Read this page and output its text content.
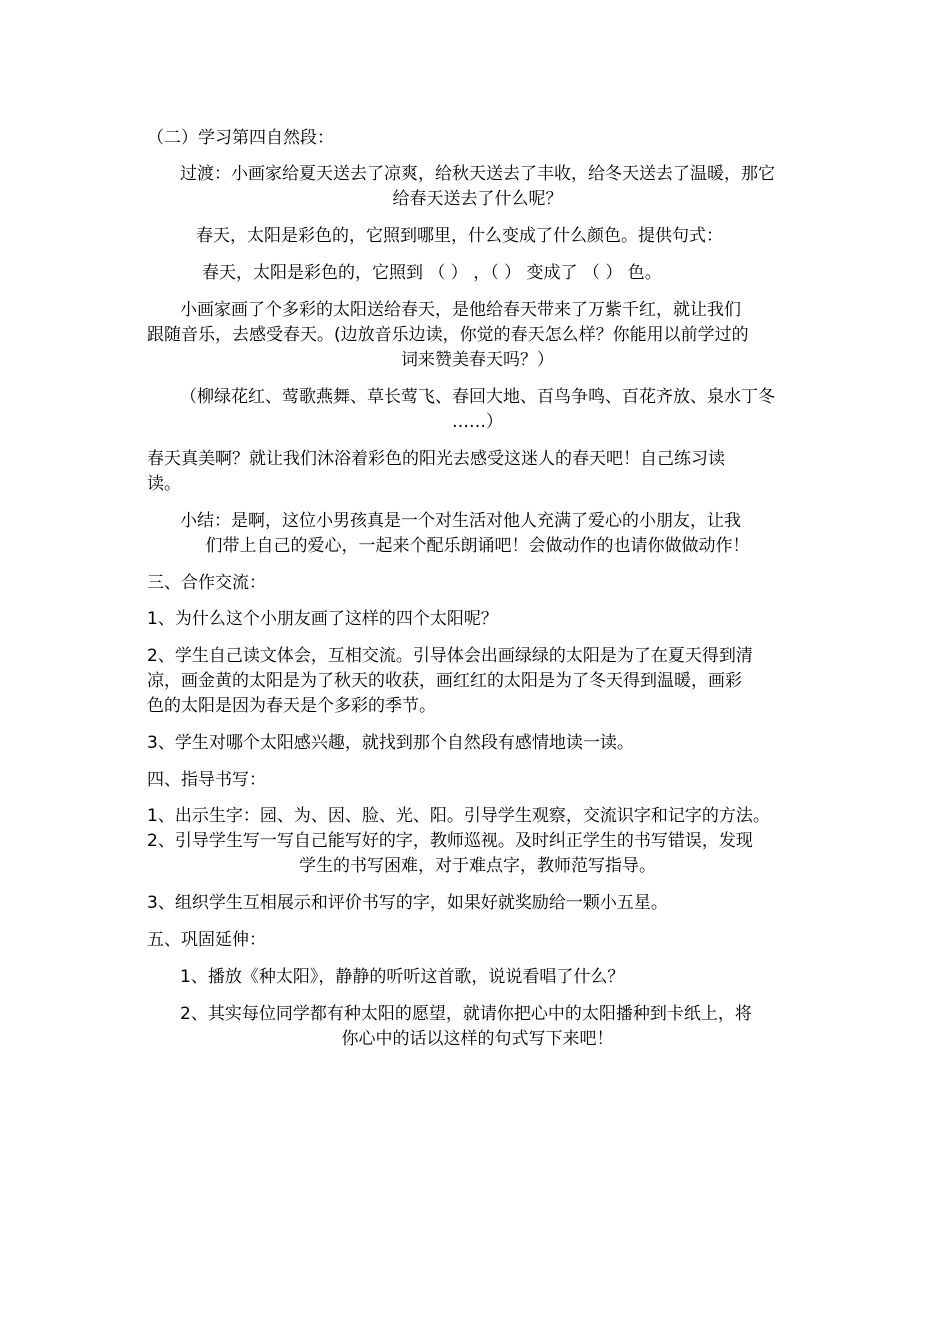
（二）学习第四自然段：

过渡：小画家给夏天送去了凉爽，给秋天送去了丰收，给冬天送去了温暖，那它

给春天送去了什么呢？

春天，太阳是彩色的，它照到哪里，什么变成了什么颜色。提供句式：

春天，太阳是彩色的，它照到 （ ） ，（ ） 变成了 （ ） 色。

小画家画了个多彩的太阳送给春天，是他给春天带来了万紫千红，就让我们

跟随音乐，去感受春天。(边放音乐边读，你觉的春天怎么样？你能用以前学过的

词来赞美春天吗？）

（柳绿花红、莺歌燕舞、草长莺飞、春回大地、百鸟争鸣、百花齐放、泉水丁冬

……）

春天真美啊？就让我们沐浴着彩色的阳光去感受这迷人的春天吧！自己练习读

读。

小结：是啊，这位小男孩真是一个对生活对他人充满了爱心的小朋友，让我

们带上自己的爱心，一起来个配乐朗诵吧！会做动作的也请你做做动作！

三、合作交流：

1、为什么这个小朋友画了这样的四个太阳呢？

2、学生自己读文体会，互相交流。引导体会出画绿绿的太阳是为了在夏天得到清

凉，画金黄的太阳是为了秋天的收获，画红红的太阳是为了冬天得到温暖，画彩

色的太阳是因为春天是个多彩的季节。

3、学生对哪个太阳感兴趣，就找到那个自然段有感情地读一读。

四、指导书写：

1、出示生字：园、为、因、脸、光、阳。引导学生观察，交流识字和记字的方法。

2、引导学生写一写自己能写好的字，教师巡视。及时纠正学生的书写错误，发现

学生的书写困难，对于难点字，教师范写指导。

3、组织学生互相展示和评价书写的字，如果好就奖励给一颗小五星。

五、巩固延伸：

1、播放《种太阳》，静静的听听这首歌，说说看唱了什么？

2、其实每位同学都有种太阳的愿望，就请你把心中的太阳播种到卡纸上，将

你心中的话以这样的句式写下来吧！
